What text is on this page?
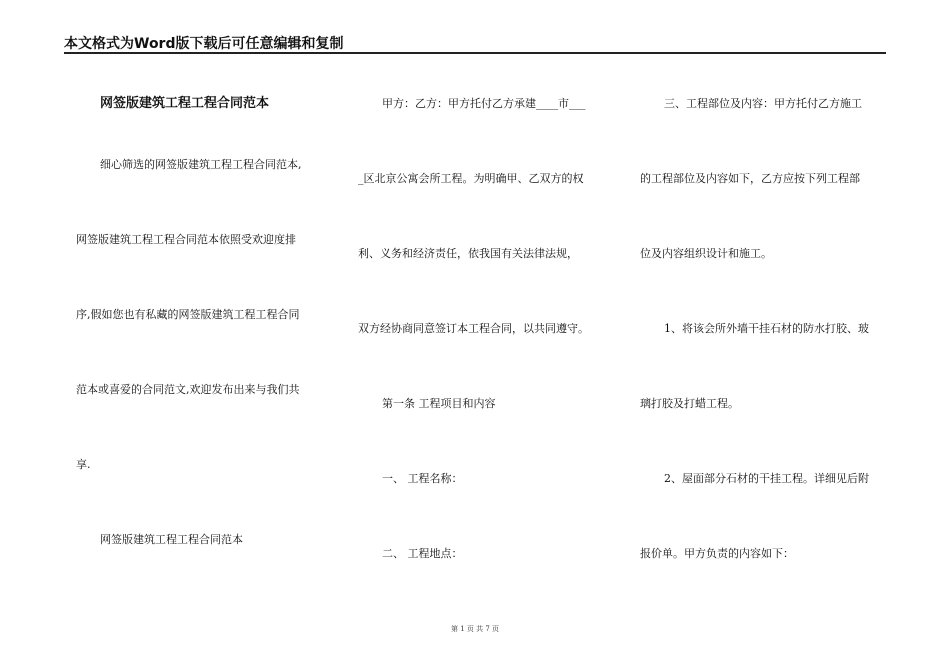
本文格式为Word版下载后可任意编辑和复制
网签版建筑工程工程合同范本
细心筛选的网签版建筑工程工程合同范本,
网签版建筑工程工程合同范本依照受欢迎度排
序,假如您也有私藏的网签版建筑工程工程合同
范本或喜爱的合同范文,欢迎发布出来与我们共
享.
网签版建筑工程工程合同范本
甲方：乙方：甲方托付乙方承建____市___
_区北京公寓会所工程。为明确甲、乙双方的权
利、义务和经济责任，依我国有关法律法规，
双方经协商同意签订本工程合同，以共同遵守。
第一条 工程项目和内容
一、 工程名称：
二、 工程地点：
三、工程部位及内容：甲方托付乙方施工
的工程部位及内容如下，乙方应按下列工程部
位及内容组织设计和施工。
1、将该会所外墙干挂石材的防水打胶、玻
璃打胶及打蜡工程。
2、屋面部分石材的干挂工程。详细见后附
报价单。甲方负责的内容如下：
第 1 页 共 7 页
